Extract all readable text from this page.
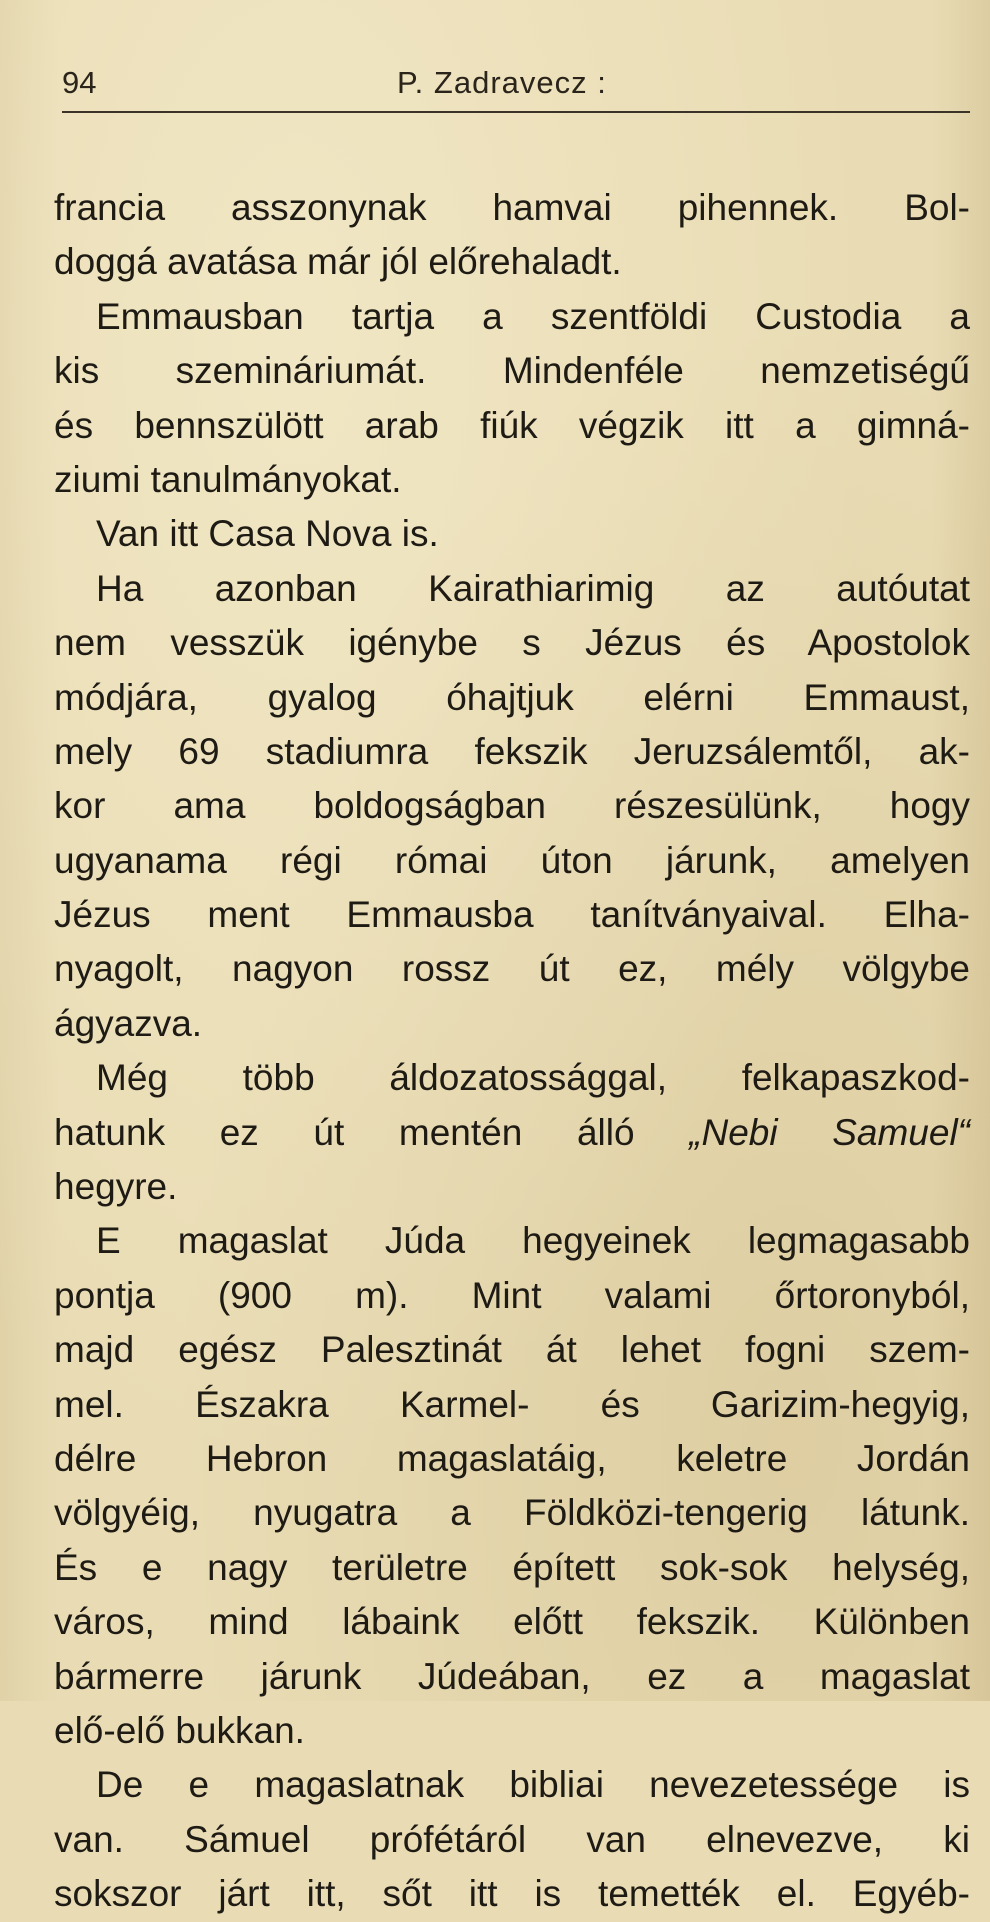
94	P. Zadravecz :
francia asszonynak hamvai pihennek. Bol-
doggá avatása már jól előrehaladt.
Emmausban tartja a szentföldi Custodia a
kis szemináriumát. Mindenféle nemzetiségű
és bennszülött arab fiúk végzik itt a gimná-
ziumi tanulmányokat.
Van itt Casa Nova is.
Ha azonban Kairathiarimig az autóutat
nem vesszük igénybe s Jézus és Apostolok
módjára, gyalog óhajtjuk elérni Emmaust,
mely 69 stadiumra fekszik Jeruzsálemtől, ak-
kor ama boldogságban részesülünk, hogy
ugyanama régi római úton járunk, amelyen
Jézus ment Emmausba tanítványaival. Elha-
nyagolt, nagyon rossz út ez, mély völgybe
ágyazva.
Még több áldozatossággal, felkapaszkod-
hatunk ez út mentén álló „Nebi Samuel“
hegyre.
E magaslat Júda hegyeinek legmagasabb
pontja (900 m). Mint valami őrtoronyból,
majd egész Palesztinát át lehet fogni szem-
mel. Északra Karmel- és Garizim-hegyig,
délre Hebron magaslatáig, keletre Jordán
völgyéig, nyugatra a Földközi-tengerig látunk.
És e nagy területre épített sok-sok helység,
város, mind lábaink előtt fekszik. Különben
bármerre járunk Júdeában, ez a magaslat
elő-elő bukkan.
De e magaslatnak bibliai nevezetessége is
van. Sámuel prófétáról van elnevezve, ki
sokszor járt itt, sőt itt is temették el. Egyéb-
